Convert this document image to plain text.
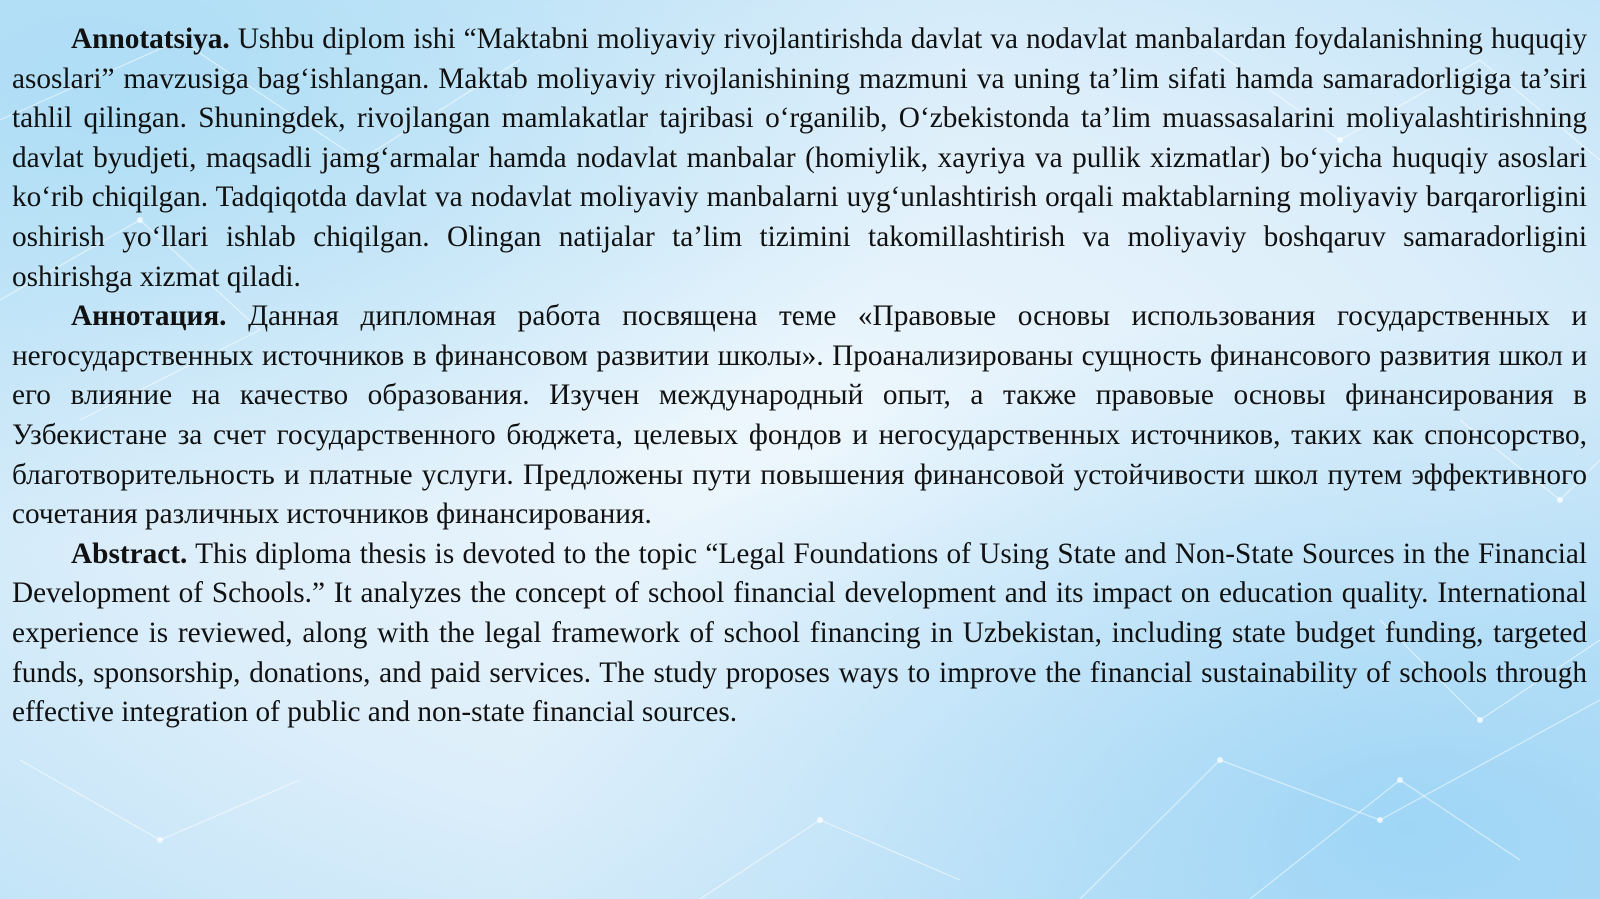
Annotatsiya. Ushbu diplom ishi “Maktabni moliyaviy rivojlantirishda davlat va nodavlat manbalardan foydalanishning huquqiy asoslari” mavzusiga bag‘ishlangan. Maktab moliyaviy rivojlanishining mazmuni va uning ta’lim sifati hamda samaradorligiga ta’siri tahlil qilingan. Shuningdek, rivojlangan mamlakatlar tajribasi o‘rganilib, O‘zbekistonda ta’lim muassasalarini moliyalashtirishning davlat byudjeti, maqsadli jamg‘armalar hamda nodavlat manbalar (homiylik, xayriya va pullik xizmatlar) bo‘yicha huquqiy asoslari ko‘rib chiqilgan. Tadqiqotda davlat va nodavlat moliyaviy manbalarni uyg‘unlashtirish orqali maktablarning moliyaviy barqarorligini oshirish yo‘llari ishlab chiqilgan. Olingan natijalar ta’lim tizimini takomillashtirish va moliyaviy boshqaruv samaradorligini oshirishga xizmat qiladi.

Аннотация. Данная дипломная работа посвящена теме «Правовые основы использования государственных и негосударственных источников в финансовом развитии школы». Проанализированы сущность финансового развития школ и его влияние на качество образования. Изучен международный опыт, а также правовые основы финансирования в Узбекистане за счет государственного бюджета, целевых фондов и негосударственных источников, таких как спонсорство, благотворительность и платные услуги. Предложены пути повышения финансовой устойчивости школ путем эффективного сочетания различных источников финансирования.

Abstract. This diploma thesis is devoted to the topic “Legal Foundations of Using State and Non-State Sources in the Financial Development of Schools.” It analyzes the concept of school financial development and its impact on education quality. International experience is reviewed, along with the legal framework of school financing in Uzbekistan, including state budget funding, targeted funds, sponsorship, donations, and paid services. The study proposes ways to improve the financial sustainability of schools through effective integration of public and non-state financial sources.
